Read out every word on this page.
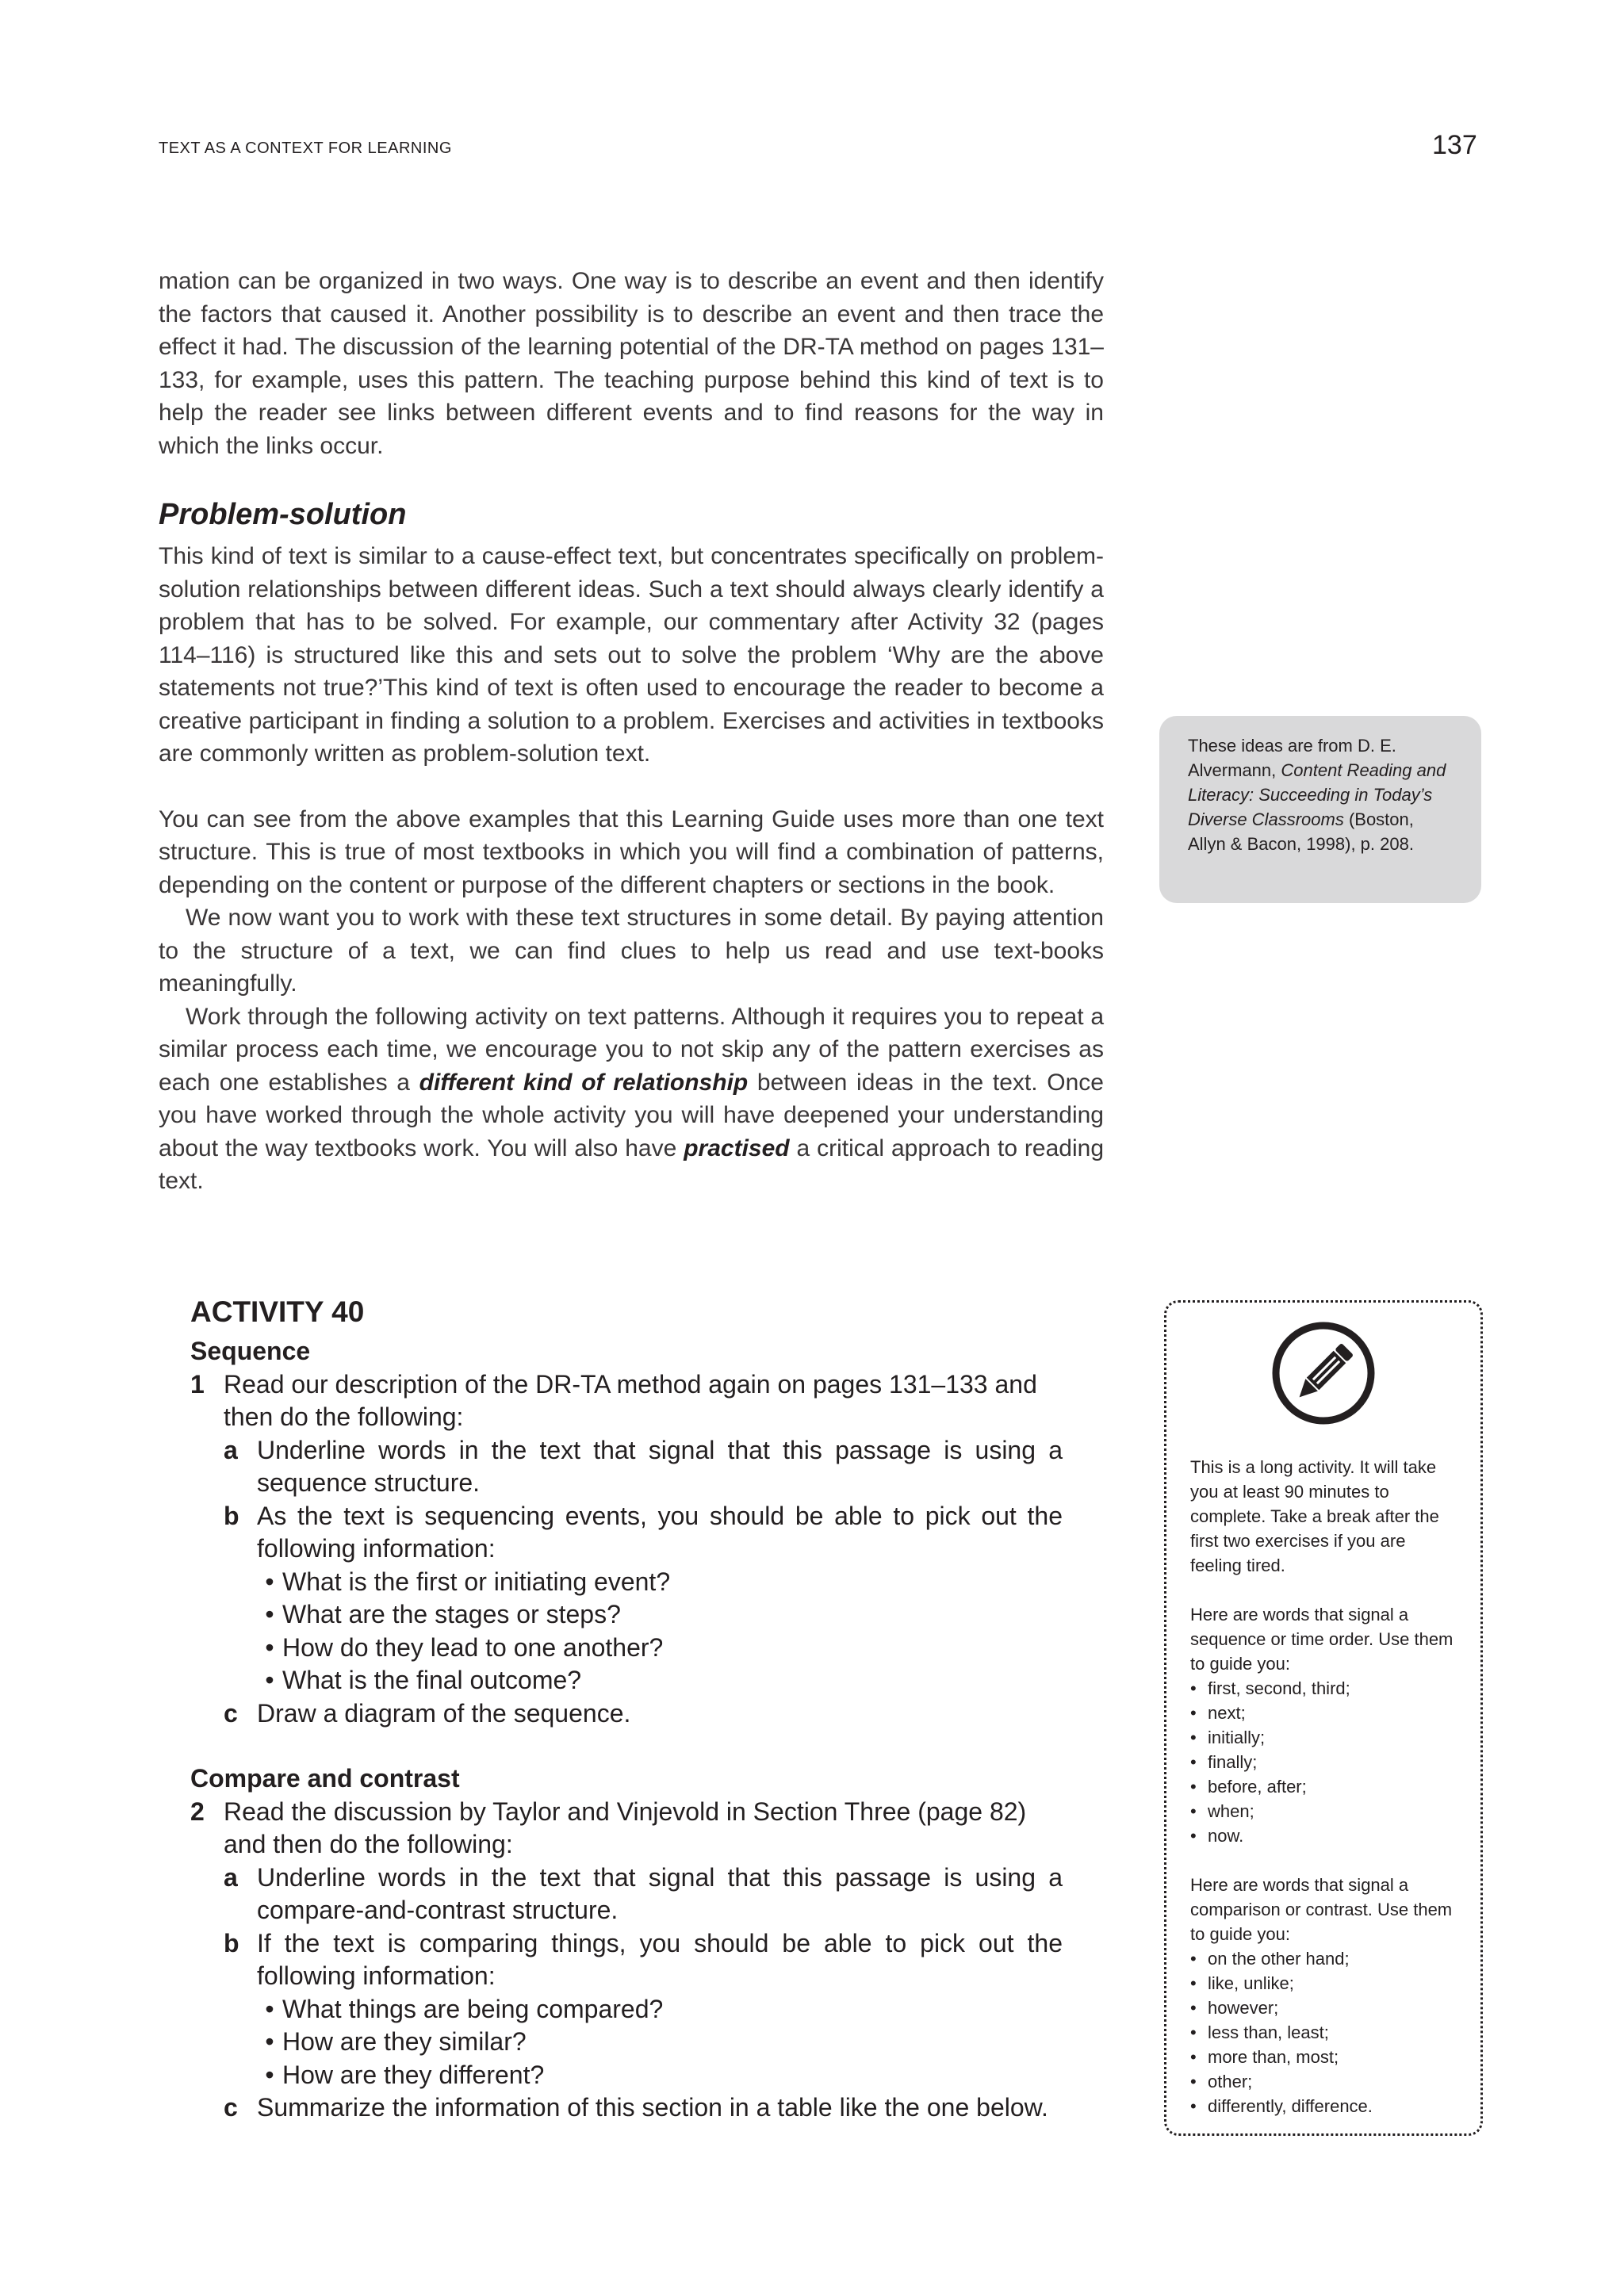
TEXT AS A CONTEXT FOR LEARNING	137

mation can be organized in two ways. One way is to describe an event and then identify the factors that caused it. Another possibility is to describe an event and then trace the effect it had. The discussion of the learning potential of the DR-TA method on pages 131–133, for example, uses this pattern. The teaching purpose behind this kind of text is to help the reader see links between different events and to find reasons for the way in which the links occur.

Problem-solution

This kind of text is similar to a cause-effect text, but concentrates specifically on problem-solution relationships between different ideas. Such a text should always clearly identify a problem that has to be solved. For example, our commentary after Activity 32 (pages 114–116) is structured like this and sets out to solve the problem ‘Why are the above statements not true?’This kind of text is often used to encourage the reader to become a creative participant in finding a solution to a problem. Exercises and activities in textbooks are commonly written as problem-solution text.

You can see from the above examples that this Learning Guide uses more than one text structure. This is true of most textbooks in which you will find a combination of patterns, depending on the content or purpose of the different chapters or sections in the book.

We now want you to work with these text structures in some detail. By paying attention to the structure of a text, we can find clues to help us read and use text-books meaningfully.

Work through the following activity on text patterns. Although it requires you to repeat a similar process each time, we encourage you to not skip any of the pattern exercises as each one establishes a different kind of relationship between ideas in the text. Once you have worked through the whole activity you will have deepened your understanding about the way textbooks work. You will also have practised a critical approach to reading text.

ACTIVITY 40
Sequence
1 Read our description of the DR-TA method again on pages 131–133 and then do the following:
a Underline words in the text that signal that this passage is using a sequence structure.
b As the text is sequencing events, you should be able to pick out the following information:
• What is the first or initiating event?
• What are the stages or steps?
• How do they lead to one another?
• What is the final outcome?
c Draw a diagram of the sequence.
Compare and contrast
2 Read the discussion by Taylor and Vinjevold in Section Three (page 82) and then do the following:
a Underline words in the text that signal that this passage is using a compare-and-contrast structure.
b If the text is comparing things, you should be able to pick out the following information:
• What things are being compared?
• How are they similar?
• How are they different?
c Summarize the information of this section in a table like the one below.
These ideas are from D. E. Alvermann, Content Reading and Literacy: Succeeding in Today’s Diverse Classrooms (Boston, Allyn & Bacon, 1998), p. 208.

This is a long activity. It will take you at least 90 minutes to complete. Take a break after the first two exercises if you are feeling tired.

Here are words that signal a sequence or time order. Use them to guide you:

• first, second, third;
• next;
• initially;
• finally;
• before, after;
• when;
• now.

Here are words that signal a comparison or contrast. Use them to guide you:

• on the other hand;
• like, unlike;
• however;
• less than, least;
• more than, most;
• other;
• differently, difference.
